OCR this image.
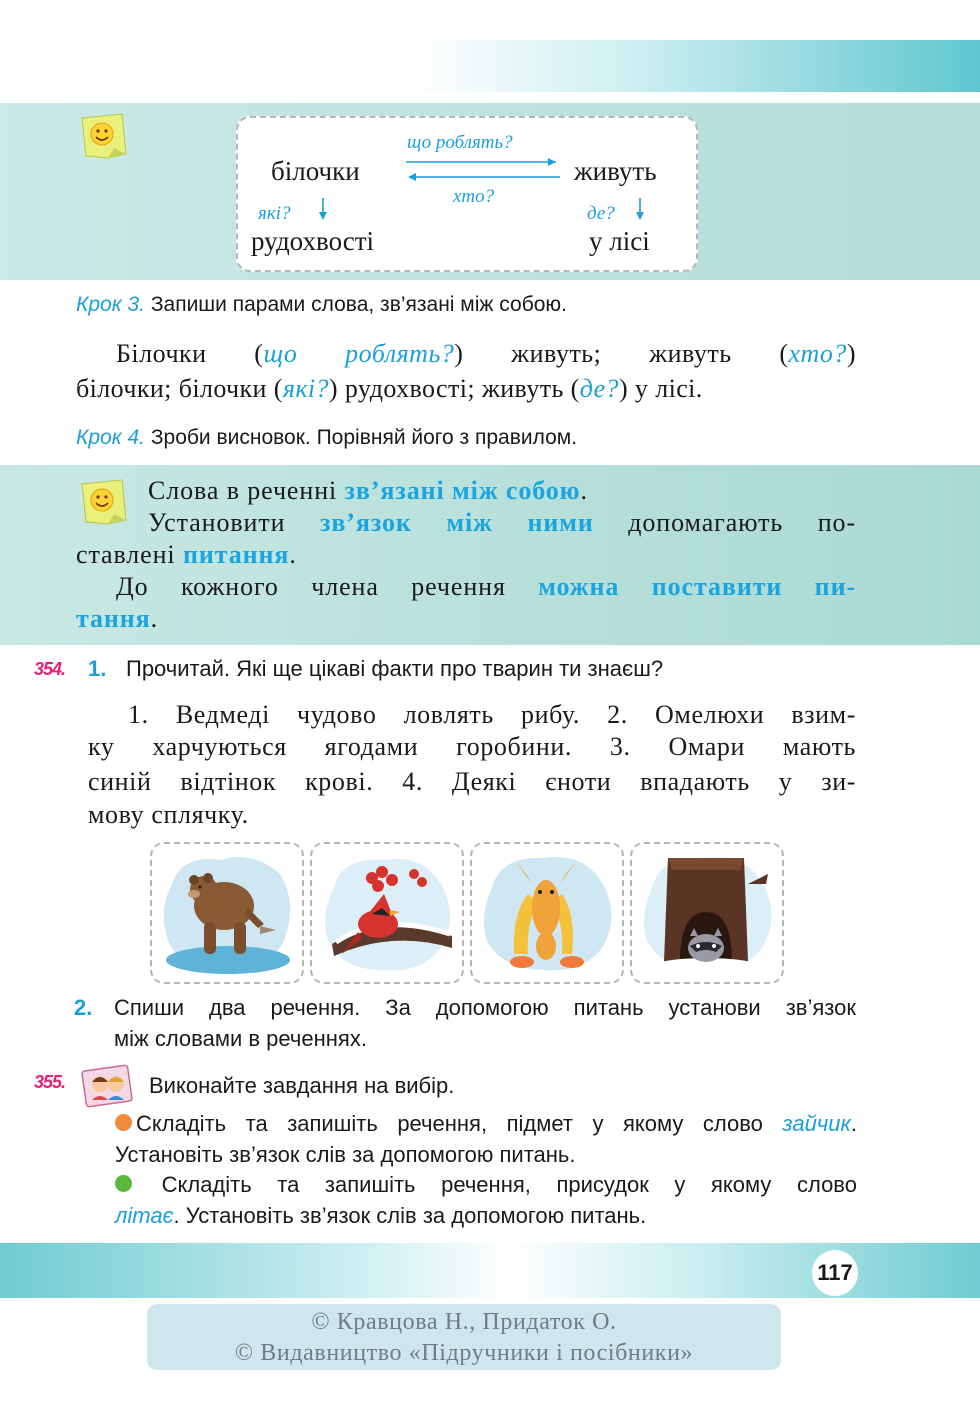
що роблять?
білочки	живуть
хто?
які?	де?
рудохвості	у лісі
Крок 3. Запиши парами слова, зв’язані між собою.
Білочки (що роблять?) живуть; живуть (хто?)
білочки; білочки (які?) рудохвості; живуть (де?) у лісі.
Крок 4. Зроби висновок. Порівняй його з правилом.
Слова в реченні зв’язані між собою.
Установити зв’язок між ними допомагають по-
ставлені питання.
До кожного члена речення можна поставити пи-
тання.
354. 1. Прочитай. Які ще цікаві факти про тварин ти знаєш?
1. Ведмеді чудово ловлять рибу. 2. Омелюхи взим-
ку харчуються ягодами горобини. 3. Омари мають
синій відтінок крові. 4. Деякі єноти впадають у зи-
мову сплячку.
2. Спиши два речення. За допомогою питань установи зв’язок
між словами в реченнях.
355.	Виконайте завдання на вибір.
Складіть та запишіть речення, підмет у якому слово зайчик.
Установіть зв’язок слів за допомогою питань.
Складіть та запишіть речення, присудок у якому слово
літає. Установіть зв’язок слів за допомогою питань.
117
© Кравцова Н., Придаток О.
© Видавництво «Підручники і посібники»
